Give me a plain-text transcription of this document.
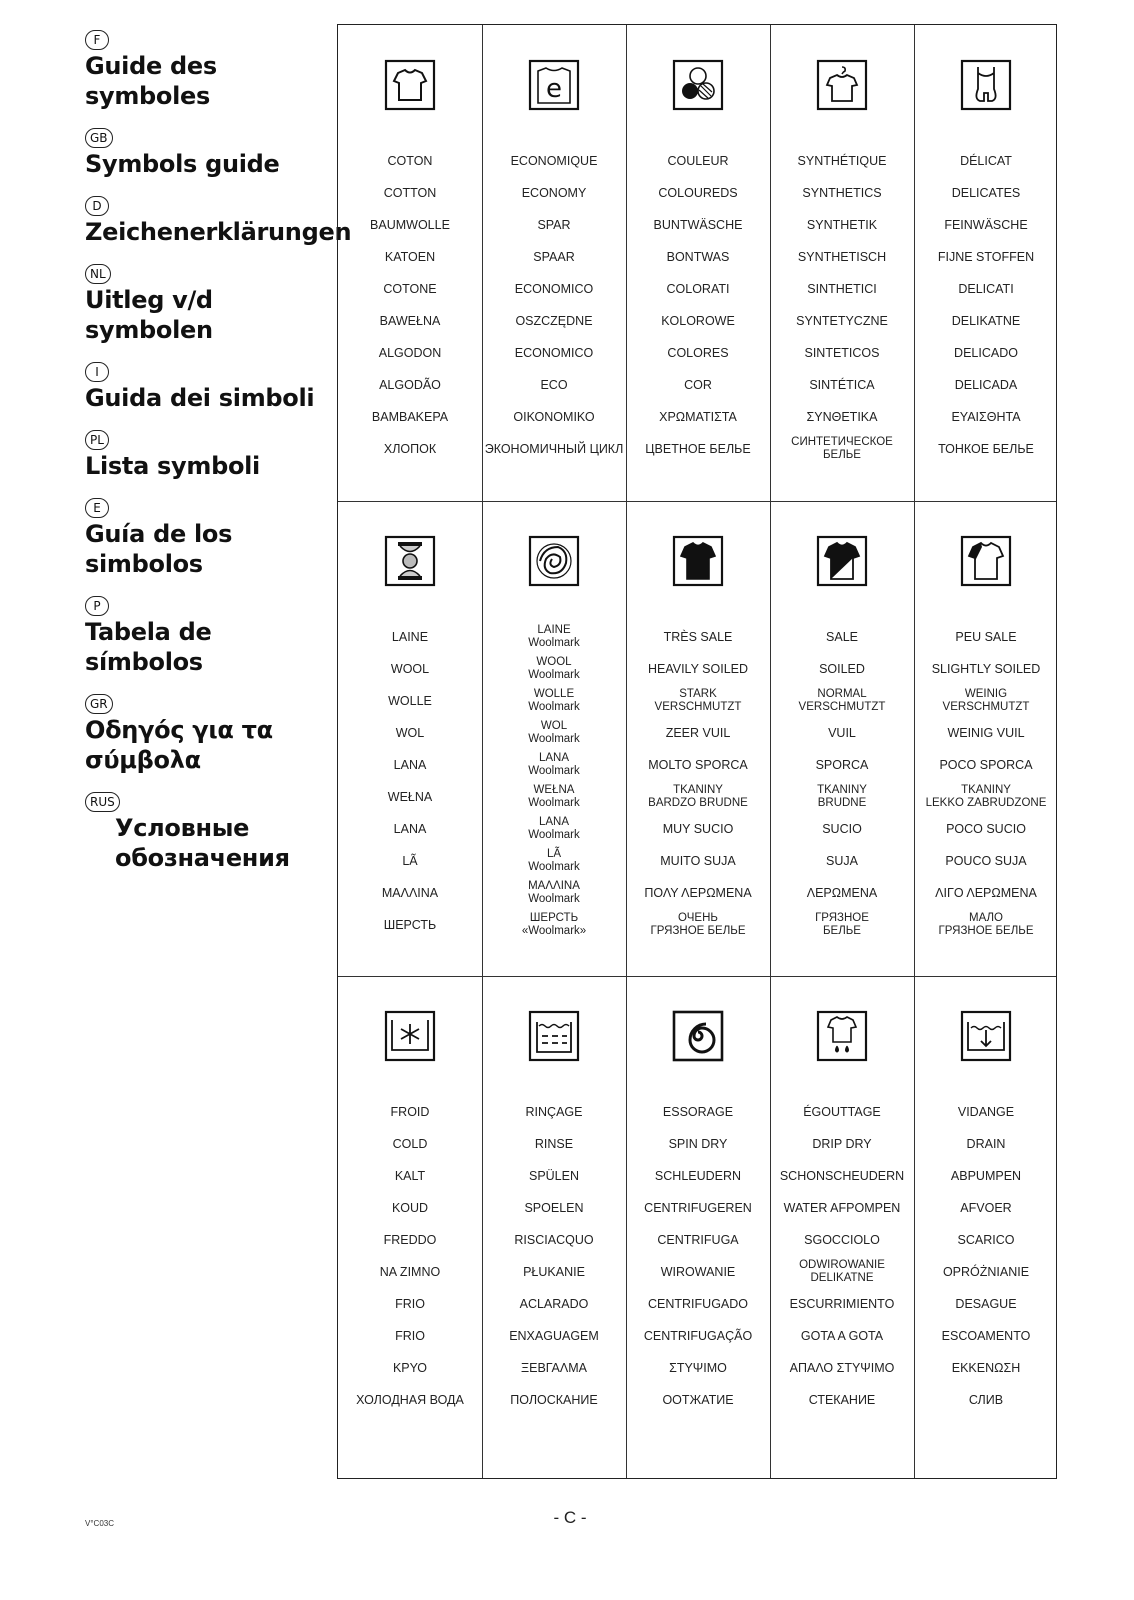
F
Guide des
symboles
GB
Symbols guide
D
Zeichenerklärungen
NL
Uitleg v/d
symbolen
I
Guida dei simboli
PL
Lista symboli
E
Guía de los
simbolos
P
Tabela de
símbolos
GR
Οδηγός για τα
σύμβολα
RUS
Условные
обозначения
COTON
COTTON
BAUMWOLLE
KATOEN
COTONE
BAWEŁNA
ALGODON
ALGODÃO
ΒΑΜΒΑΚΕΡΑ
ХЛОПОК
e
ECONOMIQUE
ECONOMY
SPAR
SPAAR
ECONOMICO
OSZCZĘDNE
ECONOMICO
ECO
ΟΙΚΟΝΟΜΙΚΟ
ЭКОНОМИЧНЫЙ ЦИКЛ
COULEUR
COLOUREDS
BUNTWÄSCHE
BONTWAS
COLORATI
KOLOROWE
COLORES
COR
ΧΡΩΜΑΤΙΣΤΑ
ЦВЕТНОЕ БЕЛЬЕ
SYNTHÉTIQUE
SYNTHETICS
SYNTHETIK
SYNTHETISCH
SINTHETICI
SYNTETYCZNE
SINTETICOS
SINTÉTICA
ΣΥΝΘΕΤΙΚΑ
СИНТЕТИЧЕСКОЕ
БЕЛЬЕ
DÉLICAT
DELICATES
FEINWÄSCHE
FIJNE STOFFEN
DELICATI
DELIKATNE
DELICADO
DELICADA
ΕΥΑΙΣΘΗΤΑ
ТОНКОЕ БЕЛЬЕ
LAINE
WOOL
WOLLE
WOL
LANA
WEŁNA
LANA
LÃ
ΜΑΛΛΙΝΑ
ШЕРСТЬ
LAINE
Woolmark
WOOL
Woolmark
WOLLE
Woolmark
WOL
Woolmark
LANA
Woolmark
WEŁNA
Woolmark
LANA
Woolmark
LÃ
Woolmark
ΜΑΛΛΙΝΑ
Woolmark
ШЕРСТЬ
«Woolmark»
TRÈS SALE
HEAVILY SOILED
STARK
VERSCHMUTZT
ZEER VUIL
MOLTO SPORCA
TKANINY
BARDZO BRUDNE
MUY SUCIO
MUITO SUJA
ΠΟΛΥ ΛΕΡΩΜΕΝΑ
ОЧЕНЬ
ГРЯЗНОЕ БЕЛЬЕ
SALE
SOILED
NORMAL
VERSCHMUTZT
VUIL
SPORCA
TKANINY
BRUDNE
SUCIO
SUJA
ΛΕΡΩΜΕΝΑ
ГРЯЗНОЕ
БЕЛЬЕ
PEU SALE
SLIGHTLY SOILED
WEINIG
VERSCHMUTZT
WEINIG VUIL
POCO SPORCA
TKANINY
LEKKO ZABRUDZONE
POCO SUCIO
POUCO SUJA
ΛΙΓΟ ΛΕΡΩΜΕΝΑ
МАЛО
ГРЯЗНОЕ БЕЛЬЕ
FROID
COLD
KALT
KOUD
FREDDO
NA ZIMNO
FRIO
FRIO
ΚΡΥΟ
ХОЛОДНАЯ ВОДА
RINÇAGE
RINSE
SPÜLEN
SPOELEN
RISCIACQUO
PŁUKANIE
ACLARADO
ENXAGUAGEM
ΞΕΒΓΑΛΜΑ
ПОЛОСКАНИЕ
ESSORAGE
SPIN DRY
SCHLEUDERN
CENTRIFUGEREN
CENTRIFUGA
WIROWANIE
CENTRIFUGADO
CENTRIFUGAÇÃO
ΣΤΥΨΙΜΟ
ООТЖАТИЕ
ÉGOUTTAGE
DRIP DRY
SCHONSCHEUDERN
WATER AFPOMPEN
SGOCCIOLO
ODWIROWANIE
DELIKATNE
ESCURRIMIENTO
GOTA A GOTA
ΑΠΑΛΟ ΣΤΥΨΙΜΟ
СТЕКАНИЕ
VIDANGE
DRAIN
ABPUMPEN
AFVOER
SCARICO
OPRÓŻNIANIE
DESAGUE
ESCOAMENTO
ΕΚΚΕΝΩΣΗ
СЛИВ
V°C03C	- C -
